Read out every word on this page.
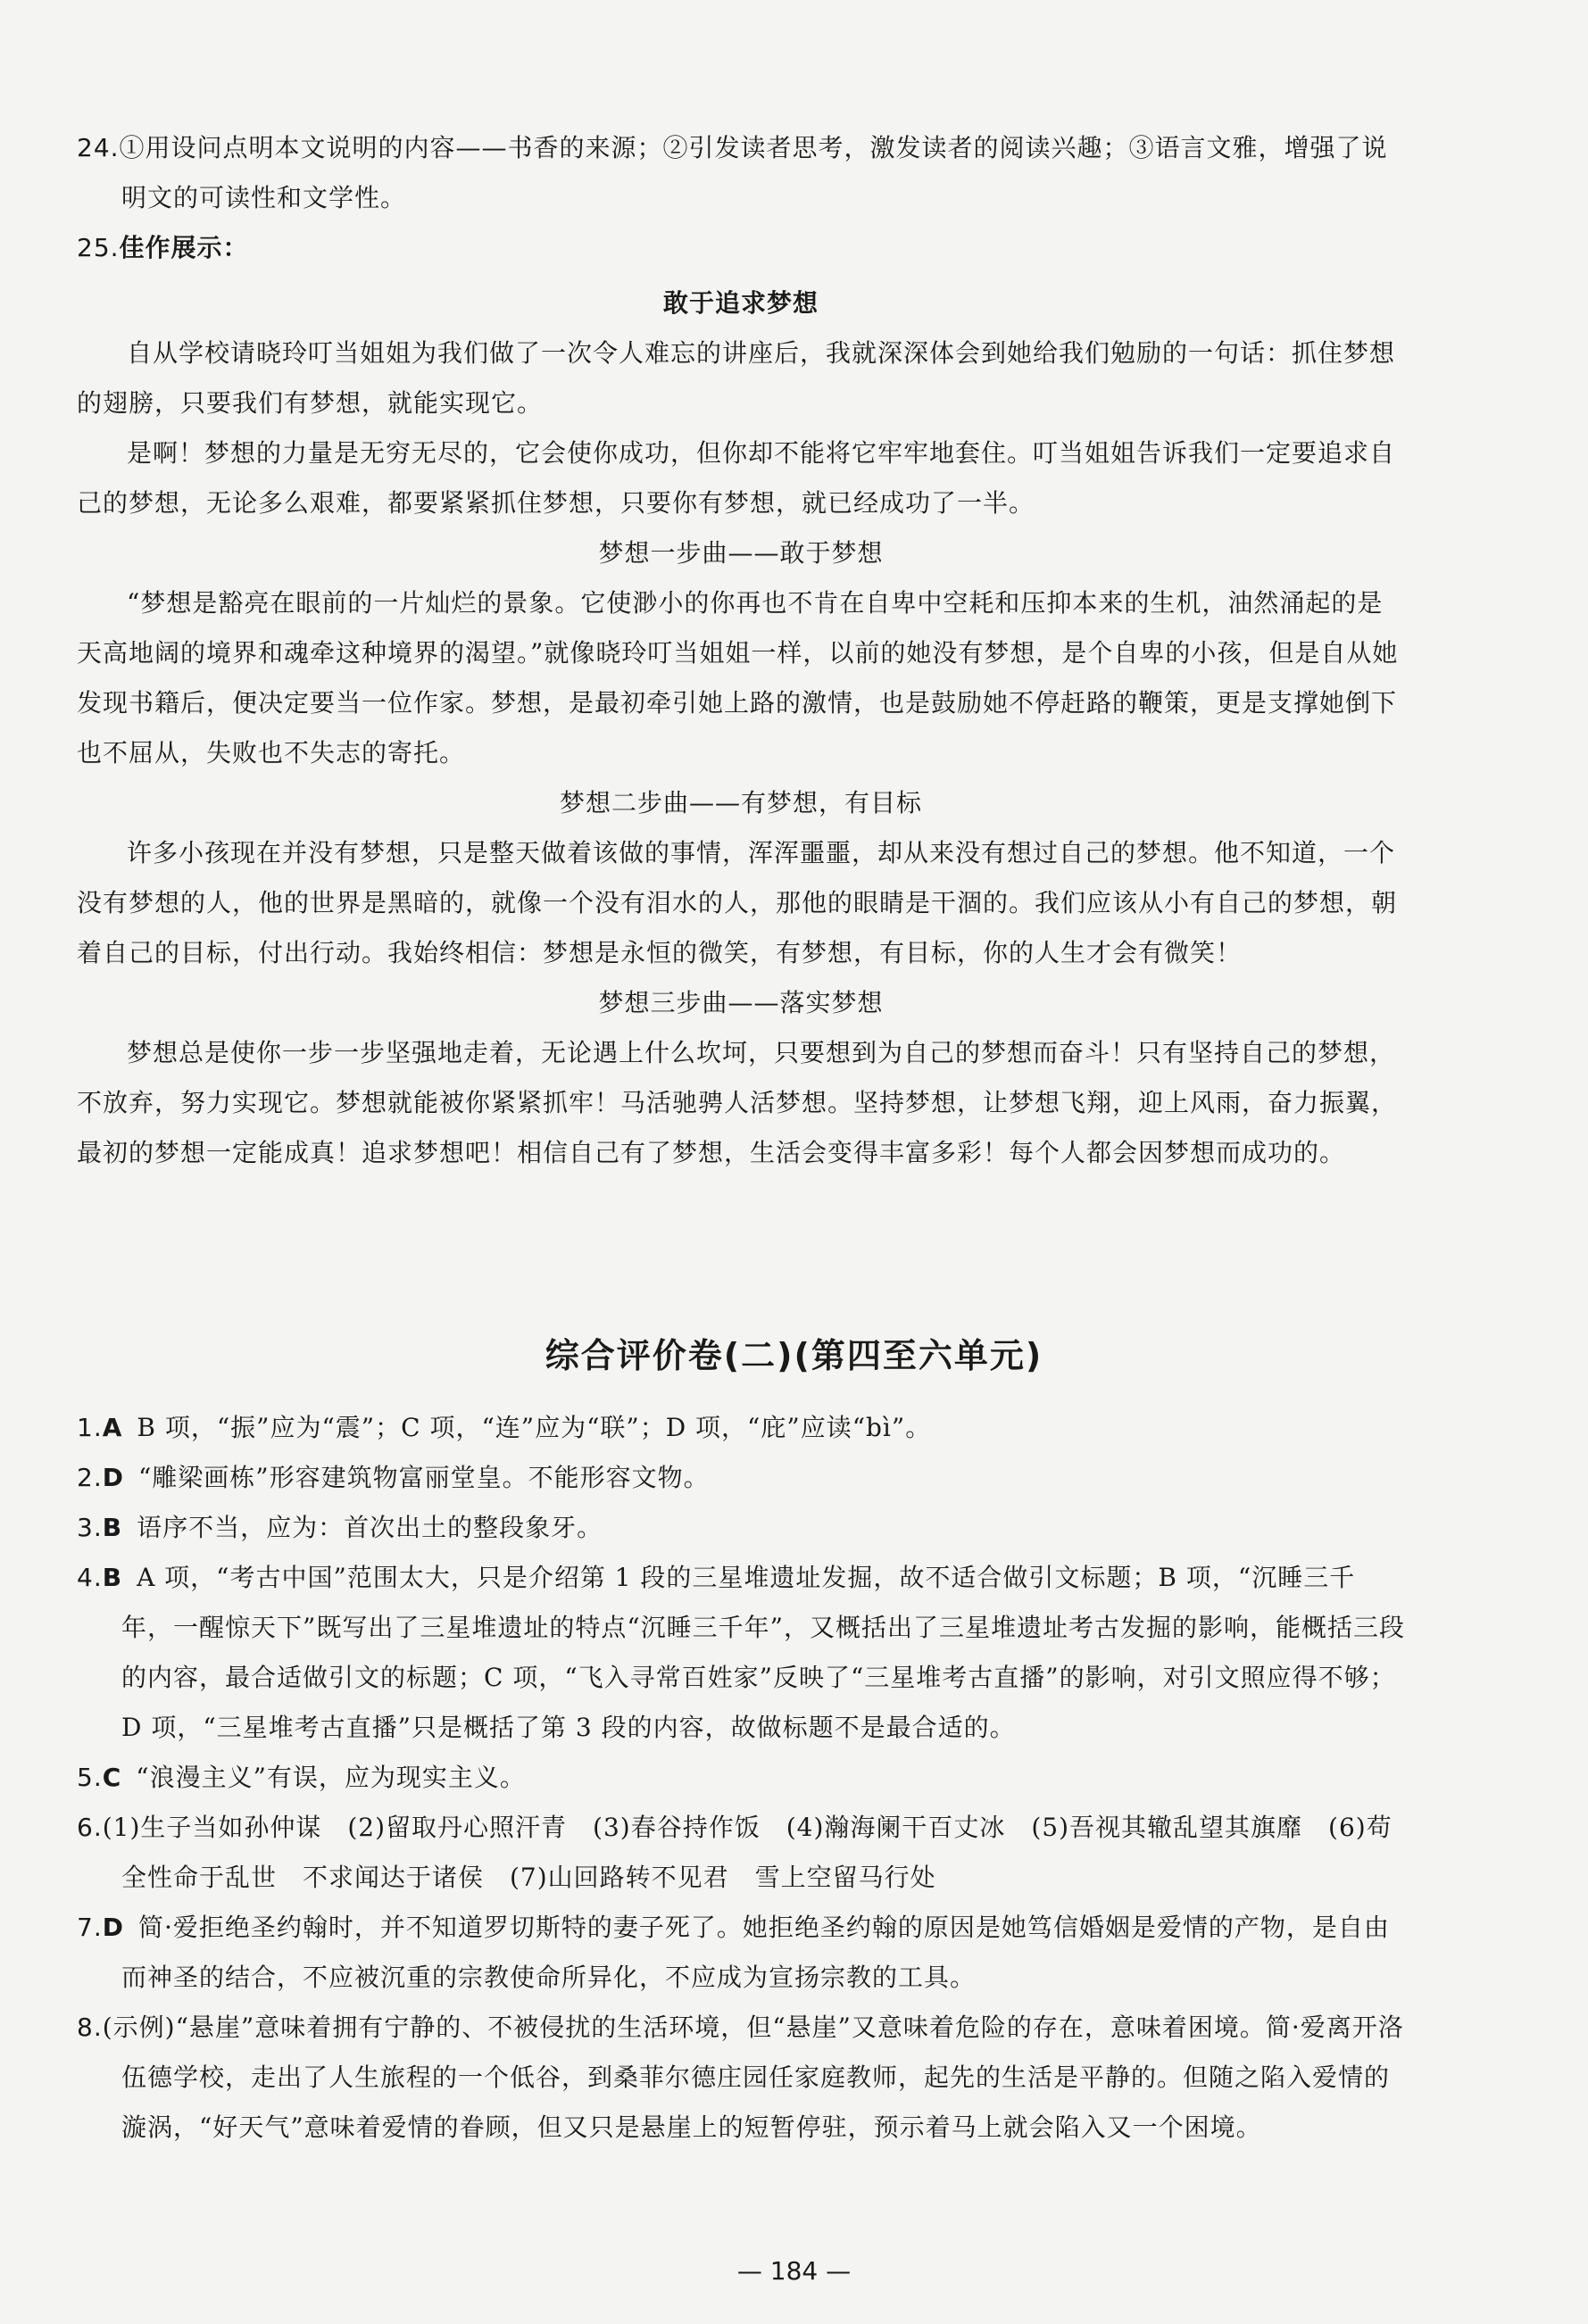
24.①用设问点明本文说明的内容——书香的来源；②引发读者思考，激发读者的阅读兴趣；③语言文雅，增强了说明文的可读性和文学性。
25.佳作展示：

敢于追求梦想

自从学校请晓玲叮当姐姐为我们做了一次令人难忘的讲座后，我就深深体会到她给我们勉励的一句话：抓住梦想的翅膀，只要我们有梦想，就能实现它。

是啊！梦想的力量是无穷无尽的，它会使你成功，但你却不能将它牢牢地套住。叮当姐姐告诉我们一定要追求自己的梦想，无论多么艰难，都要紧紧抓住梦想，只要你有梦想，就已经成功了一半。

梦想一步曲——敢于梦想

“梦想是豁亮在眼前的一片灿烂的景象。它使渺小的你再也不肯在自卑中空耗和压抑本来的生机，油然涌起的是天高地阔的境界和魂牵这种境界的渴望。”就像晓玲叮当姐姐一样，以前的她没有梦想，是个自卑的小孩，但是自从她发现书籍后，便决定要当一位作家。梦想，是最初牵引她上路的激情，也是鼓励她不停赶路的鞭策，更是支撑她倒下也不屈从，失败也不失志的寄托。

梦想二步曲——有梦想，有目标

许多小孩现在并没有梦想，只是整天做着该做的事情，浑浑噩噩，却从来没有想过自己的梦想。他不知道，一个没有梦想的人，他的世界是黑暗的，就像一个没有泪水的人，那他的眼睛是干涸的。我们应该从小有自己的梦想，朝着自己的目标，付出行动。我始终相信：梦想是永恒的微笑，有梦想，有目标，你的人生才会有微笑！

梦想三步曲——落实梦想

梦想总是使你一步一步坚强地走着，无论遇上什么坎坷，只要想到为自己的梦想而奋斗！只有坚持自己的梦想，不放弃，努力实现它。梦想就能被你紧紧抓牢！马活驰骋人活梦想。坚持梦想，让梦想飞翔，迎上风雨，奋力振翼，最初的梦想一定能成真！追求梦想吧！相信自己有了梦想，生活会变得丰富多彩！每个人都会因梦想而成功的。

综合评价卷(二)(第四至六单元)
1.A B 项，“振”应为“震”；C 项，“连”应为“联”；D 项，“庇”应读“bì”。
2.D “雕梁画栋”形容建筑物富丽堂皇。不能形容文物。
3.B 语序不当，应为：首次出土的整段象牙。
4.B A 项，“考古中国”范围太大，只是介绍第 1 段的三星堆遗址发掘，故不适合做引文标题；B 项，“沉睡三千年，一醒惊天下”既写出了三星堆遗址的特点“沉睡三千年”，又概括出了三星堆遗址考古发掘的影响，能概括三段的内容，最合适做引文的标题；C 项，“飞入寻常百姓家”反映了“三星堆考古直播”的影响，对引文照应得不够；D 项，“三星堆考古直播”只是概括了第 3 段的内容，故做标题不是最合适的。
5.C “浪漫主义”有误，应为现实主义。
6.(1)生子当如孙仲谋　(2)留取丹心照汗青　(3)春谷持作饭　(4)瀚海阑干百丈冰　(5)吾视其辙乱望其旗靡　(6)苟全性命于乱世　不求闻达于诸侯　(7)山回路转不见君　雪上空留马行处
7.D 简·爱拒绝圣约翰时，并不知道罗切斯特的妻子死了。她拒绝圣约翰的原因是她笃信婚姻是爱情的产物，是自由而神圣的结合，不应被沉重的宗教使命所异化，不应成为宣扬宗教的工具。
8.(示例)“悬崖”意味着拥有宁静的、不被侵扰的生活环境，但“悬崖”又意味着危险的存在，意味着困境。简·爱离开洛伍德学校，走出了人生旅程的一个低谷，到桑菲尔德庄园任家庭教师，起先的生活是平静的。但随之陷入爱情的漩涡，“好天气”意味着爱情的眷顾，但又只是悬崖上的短暂停驻，预示着马上就会陷入又一个困境。
— 184 —
